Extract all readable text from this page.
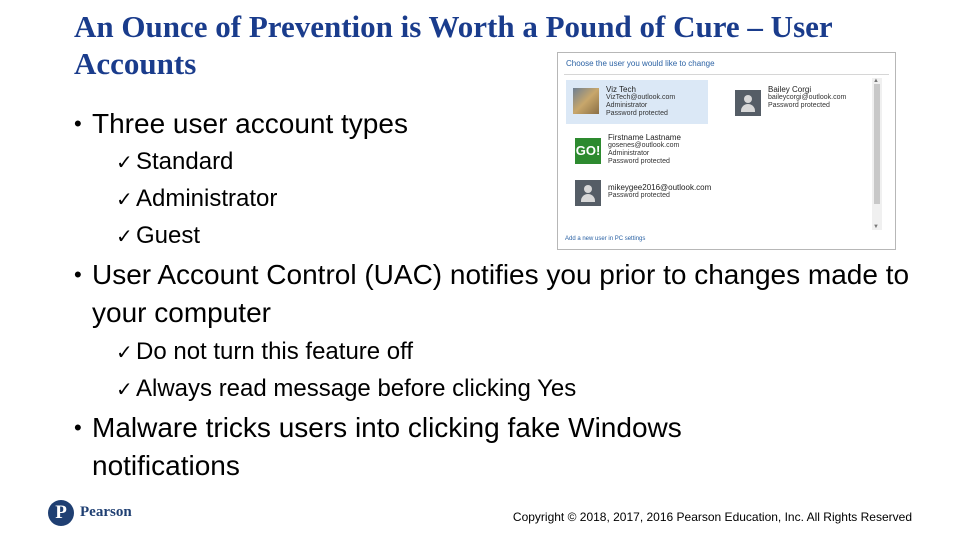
An Ounce of Prevention is Worth a Pound of Cure – User Accounts
• Three user account types
✓ Standard
✓ Administrator
✓ Guest
• User Account Control (UAC) notifies you prior to changes made to your computer
✓ Do not turn this feature off
✓ Always read message before clicking Yes
• Malware tricks users into clicking fake Windows notifications
Choose the user you would like to change
Viz Tech
VizTech@outlook.com
Administrator
Password protected
Bailey Corgi
baileycorgi@outlook.com
Password protected
GO!
Firstname Lastname
gosenes@outlook.com
Administrator
Password protected
mikeygee2016@outlook.com
Password protected
▲
▼
Add a new user in PC settings
P Pearson	Copyright © 2018, 2017, 2016 Pearson Education, Inc. All Rights Reserved
